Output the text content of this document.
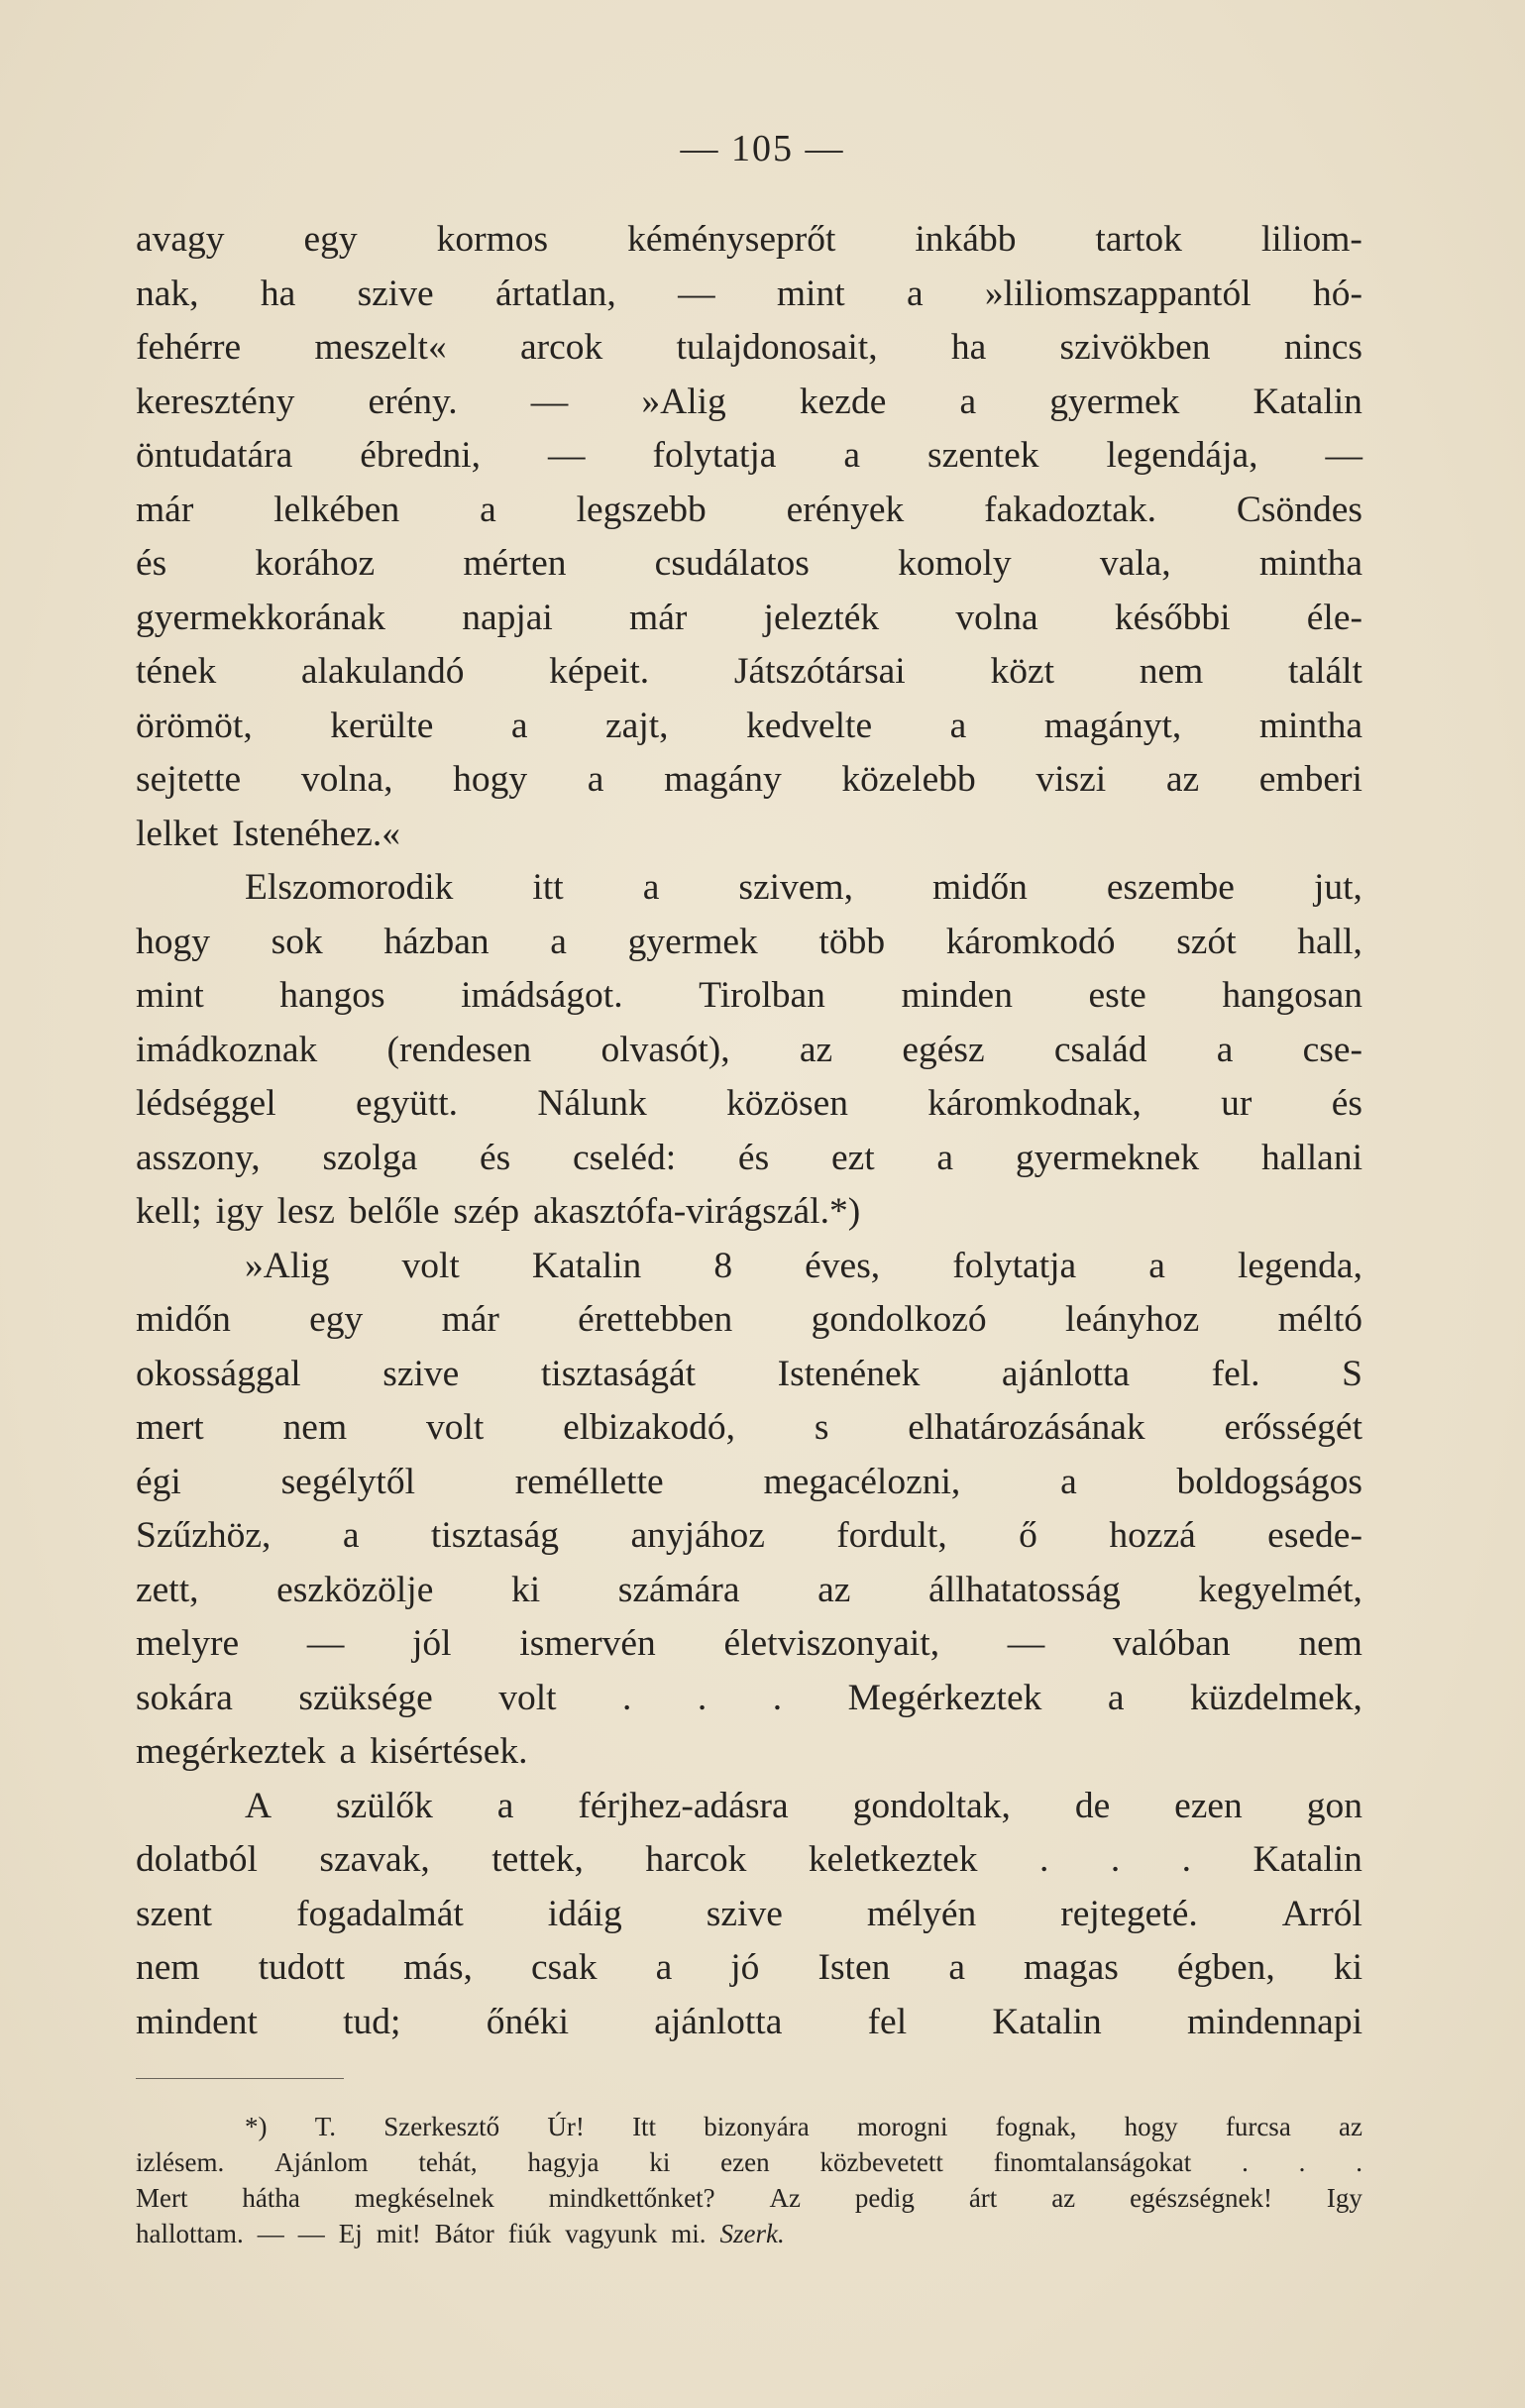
— 105 —
avagy egy kormos kéményseprőt inkább tartok liliom-
nak, ha szive ártatlan, — mint a »liliomszappantól hó-
fehérre meszelt« arcok tulajdonosait, ha szivökben nincs
keresztény erény. — »Alig kezde a gyermek Katalin
öntudatára ébredni, — folytatja a szentek legendája, —
már lelkében a legszebb erények fakadoztak. Csöndes
és korához mérten csudálatos komoly vala, mintha
gyermekkorának napjai már jelezték volna későbbi éle-
tének alakulandó képeit. Játszótársai közt nem talált
örömöt, kerülte a zajt, kedvelte a magányt, mintha
sejtette volna, hogy a magány közelebb viszi az emberi
lelket Istenéhez.«
Elszomorodik itt a szivem, midőn eszembe jut,
hogy sok házban a gyermek több káromkodó szót hall,
mint hangos imádságot. Tirolban minden este hangosan
imádkoznak (rendesen olvasót), az egész család a cse-
lédséggel együtt. Nálunk közösen káromkodnak, ur és
asszony, szolga és cseléd: és ezt a gyermeknek hallani
kell; igy lesz belőle szép akasztófa-virágszál.*)
»Alig volt Katalin 8 éves, folytatja a legenda,
midőn egy már érettebben gondolkozó leányhoz méltó
okossággal szive tisztaságát Istenének ajánlotta fel. S
mert nem volt elbizakodó, s elhatározásának erősségét
égi	segélytől	reméllette	megacélozni,	a	boldogságos
Szűzhöz, a tisztaság anyjához fordult, ő hozzá esede-
zett, eszközölje ki számára az állhatatosság kegyelmét,
melyre — jól ismervén életviszonyait, — valóban nem
sokára szüksége volt . . . Megérkeztek a küzdelmek,
megérkeztek a kisértések.
A szülők a férjhez-adásra gondoltak, de ezen gon
dolatból szavak, tettek, harcok keletkeztek . . . Katalin
szent fogadalmát idáig szive mélyén rejtegeté. Arról
nem tudott más, csak a jó Isten a magas égben, ki
mindent tud; őnéki ajánlotta fel Katalin mindennapi
*) T. Szerkesztő Úr! Itt bizonyára morogni fognak, hogy furcsa az
izlésem. Ajánlom tehát, hagyja ki ezen közbevetett finomtalanságokat . . .
Mert hátha megkéselnek mindkettőnket? Az pedig árt az egészségnek! Igy
hallottam. — — Ej mit! Bátor fiúk vagyunk mi. Szerk.
